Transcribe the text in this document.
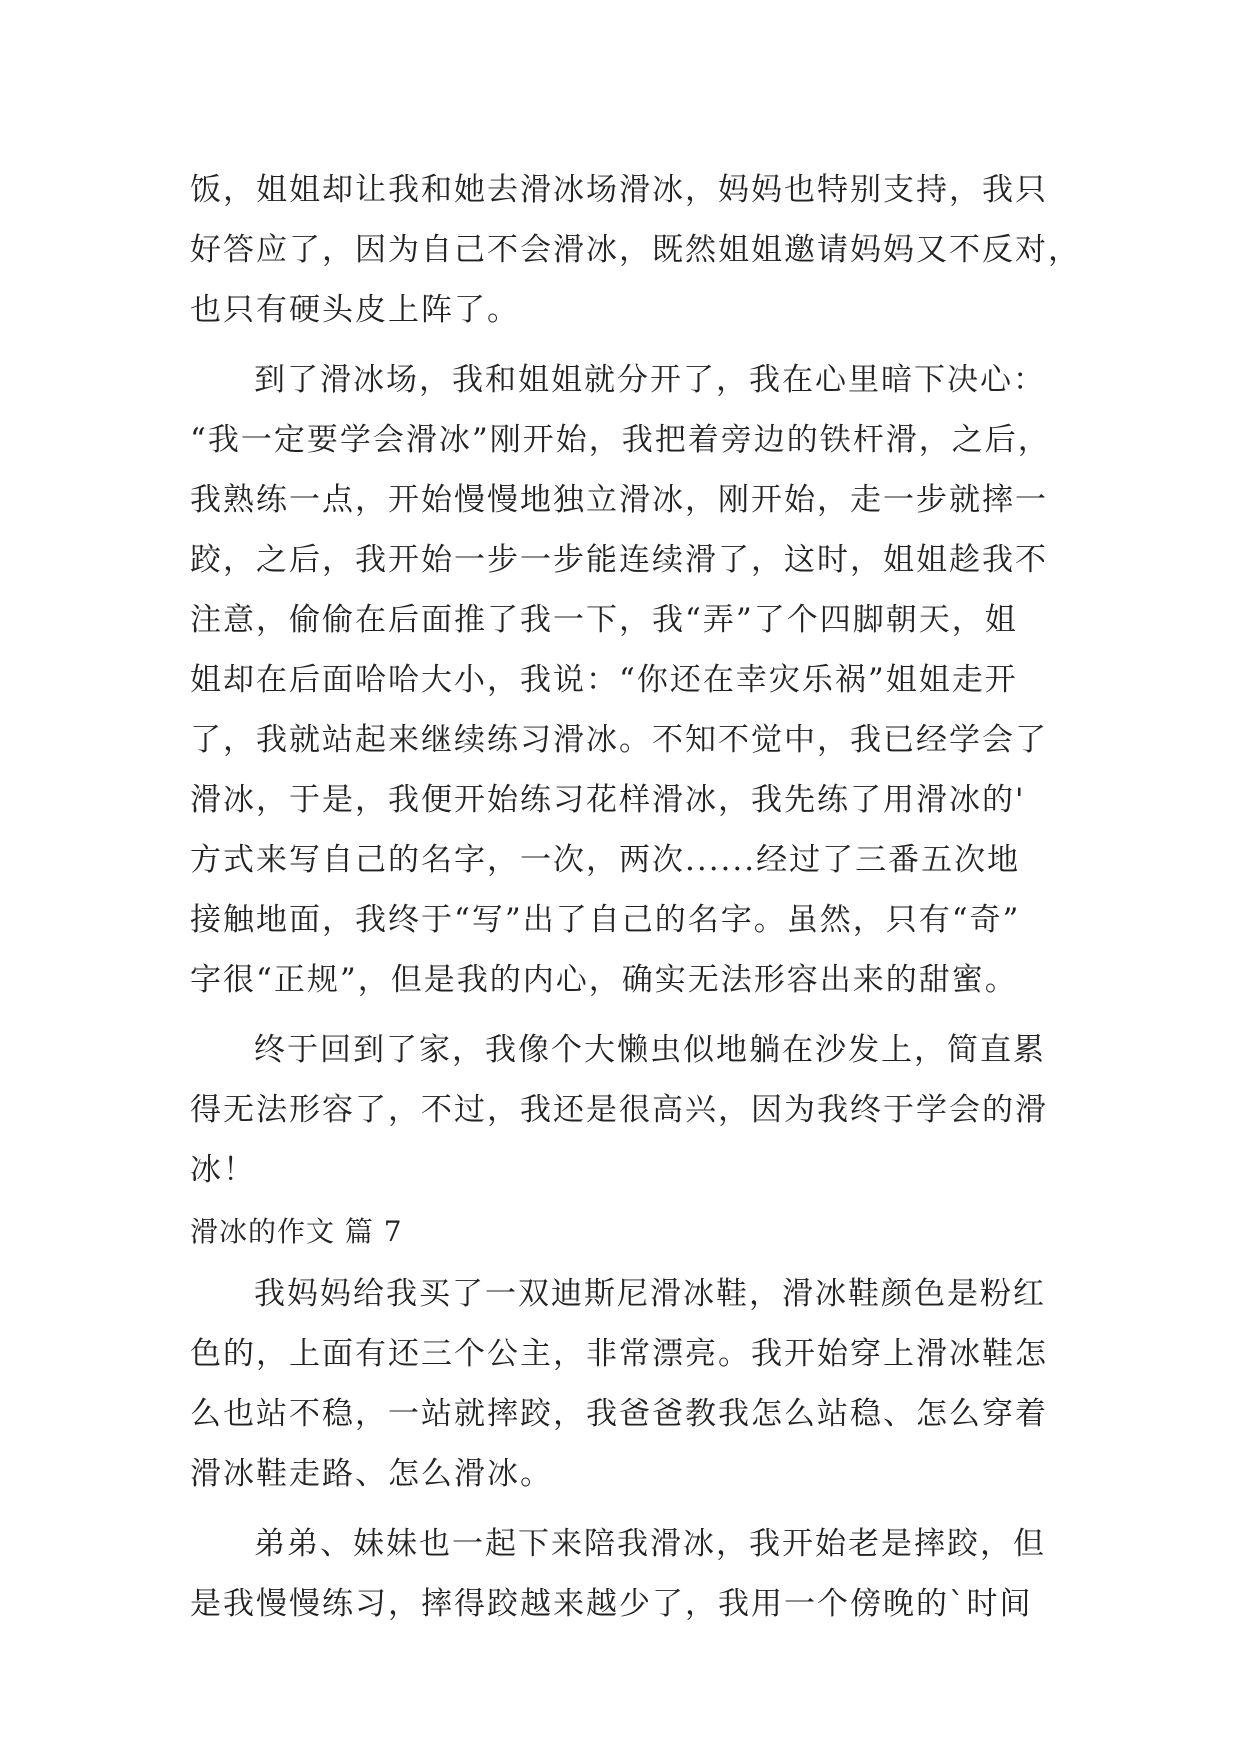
饭，姐姐却让我和她去滑冰场滑冰，妈妈也特别支持，我只
好答应了，因为自己不会滑冰，既然姐姐邀请妈妈又不反对，
也只有硬头皮上阵了。
到了滑冰场，我和姐姐就分开了，我在心里暗下决心：
“我一定要学会滑冰”刚开始，我把着旁边的铁杆滑，之后，
我熟练一点，开始慢慢地独立滑冰，刚开始，走一步就摔一
跤，之后，我开始一步一步能连续滑了，这时，姐姐趁我不
注意，偷偷在后面推了我一下，我“弄”了个四脚朝天，姐
姐却在后面哈哈大小，我说：“你还在幸灾乐祸”姐姐走开
了，我就站起来继续练习滑冰。不知不觉中，我已经学会了
滑冰，于是，我便开始练习花样滑冰，我先练了用滑冰的'
方式来写自己的名字，一次，两次......经过了三番五次地
接触地面，我终于“写”出了自己的名字。虽然，只有“奇”
字很“正规”，但是我的内心，确实无法形容出来的甜蜜。
终于回到了家，我像个大懒虫似地躺在沙发上，简直累
得无法形容了，不过，我还是很高兴，因为我终于学会的滑
冰！
滑冰的作文 篇 7
我妈妈给我买了一双迪斯尼滑冰鞋，滑冰鞋颜色是粉红
色的，上面有还三个公主，非常漂亮。我开始穿上滑冰鞋怎
么也站不稳，一站就摔跤，我爸爸教我怎么站稳、怎么穿着
滑冰鞋走路、怎么滑冰。
弟弟、妹妹也一起下来陪我滑冰，我开始老是摔跤，但
是我慢慢练习，摔得跤越来越少了，我用一个傍晚的`时间
